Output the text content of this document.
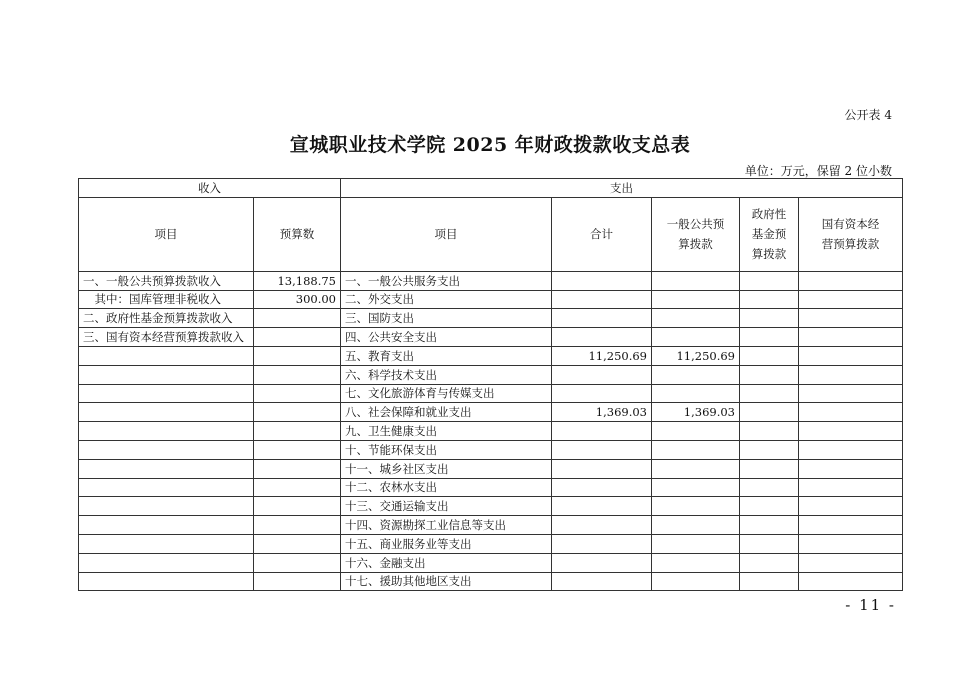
公开表 4
宣城职业技术学院 2025 年财政拨款收支总表
单位：万元，保留 2 位小数
收入		支出				
项目	预算数	项目	合计	一般公共预算拨款	政府性基金预算拨款	国有资本经营预算拨款
一、一般公共预算拨款收入	13,188.75	一、一般公共服务支出				
　其中：国库管理非税收入	300.00	二、外交支出				
二、政府性基金预算拨款收入		三、国防支出				
三、国有资本经营预算拨款收入		四、公共安全支出				
		五、教育支出	11,250.69	11,250.69		
		六、科学技术支出				
		七、文化旅游体育与传媒支出				
		八、社会保障和就业支出	1,369.03	1,369.03		
		九、卫生健康支出				
		十、节能环保支出				
		十一、城乡社区支出				
		十二、农林水支出				
		十三、交通运输支出				
		十四、资源勘探工业信息等支出				
		十五、商业服务业等支出				
		十六、金融支出				
		十七、援助其他地区支出				
- 11 -
